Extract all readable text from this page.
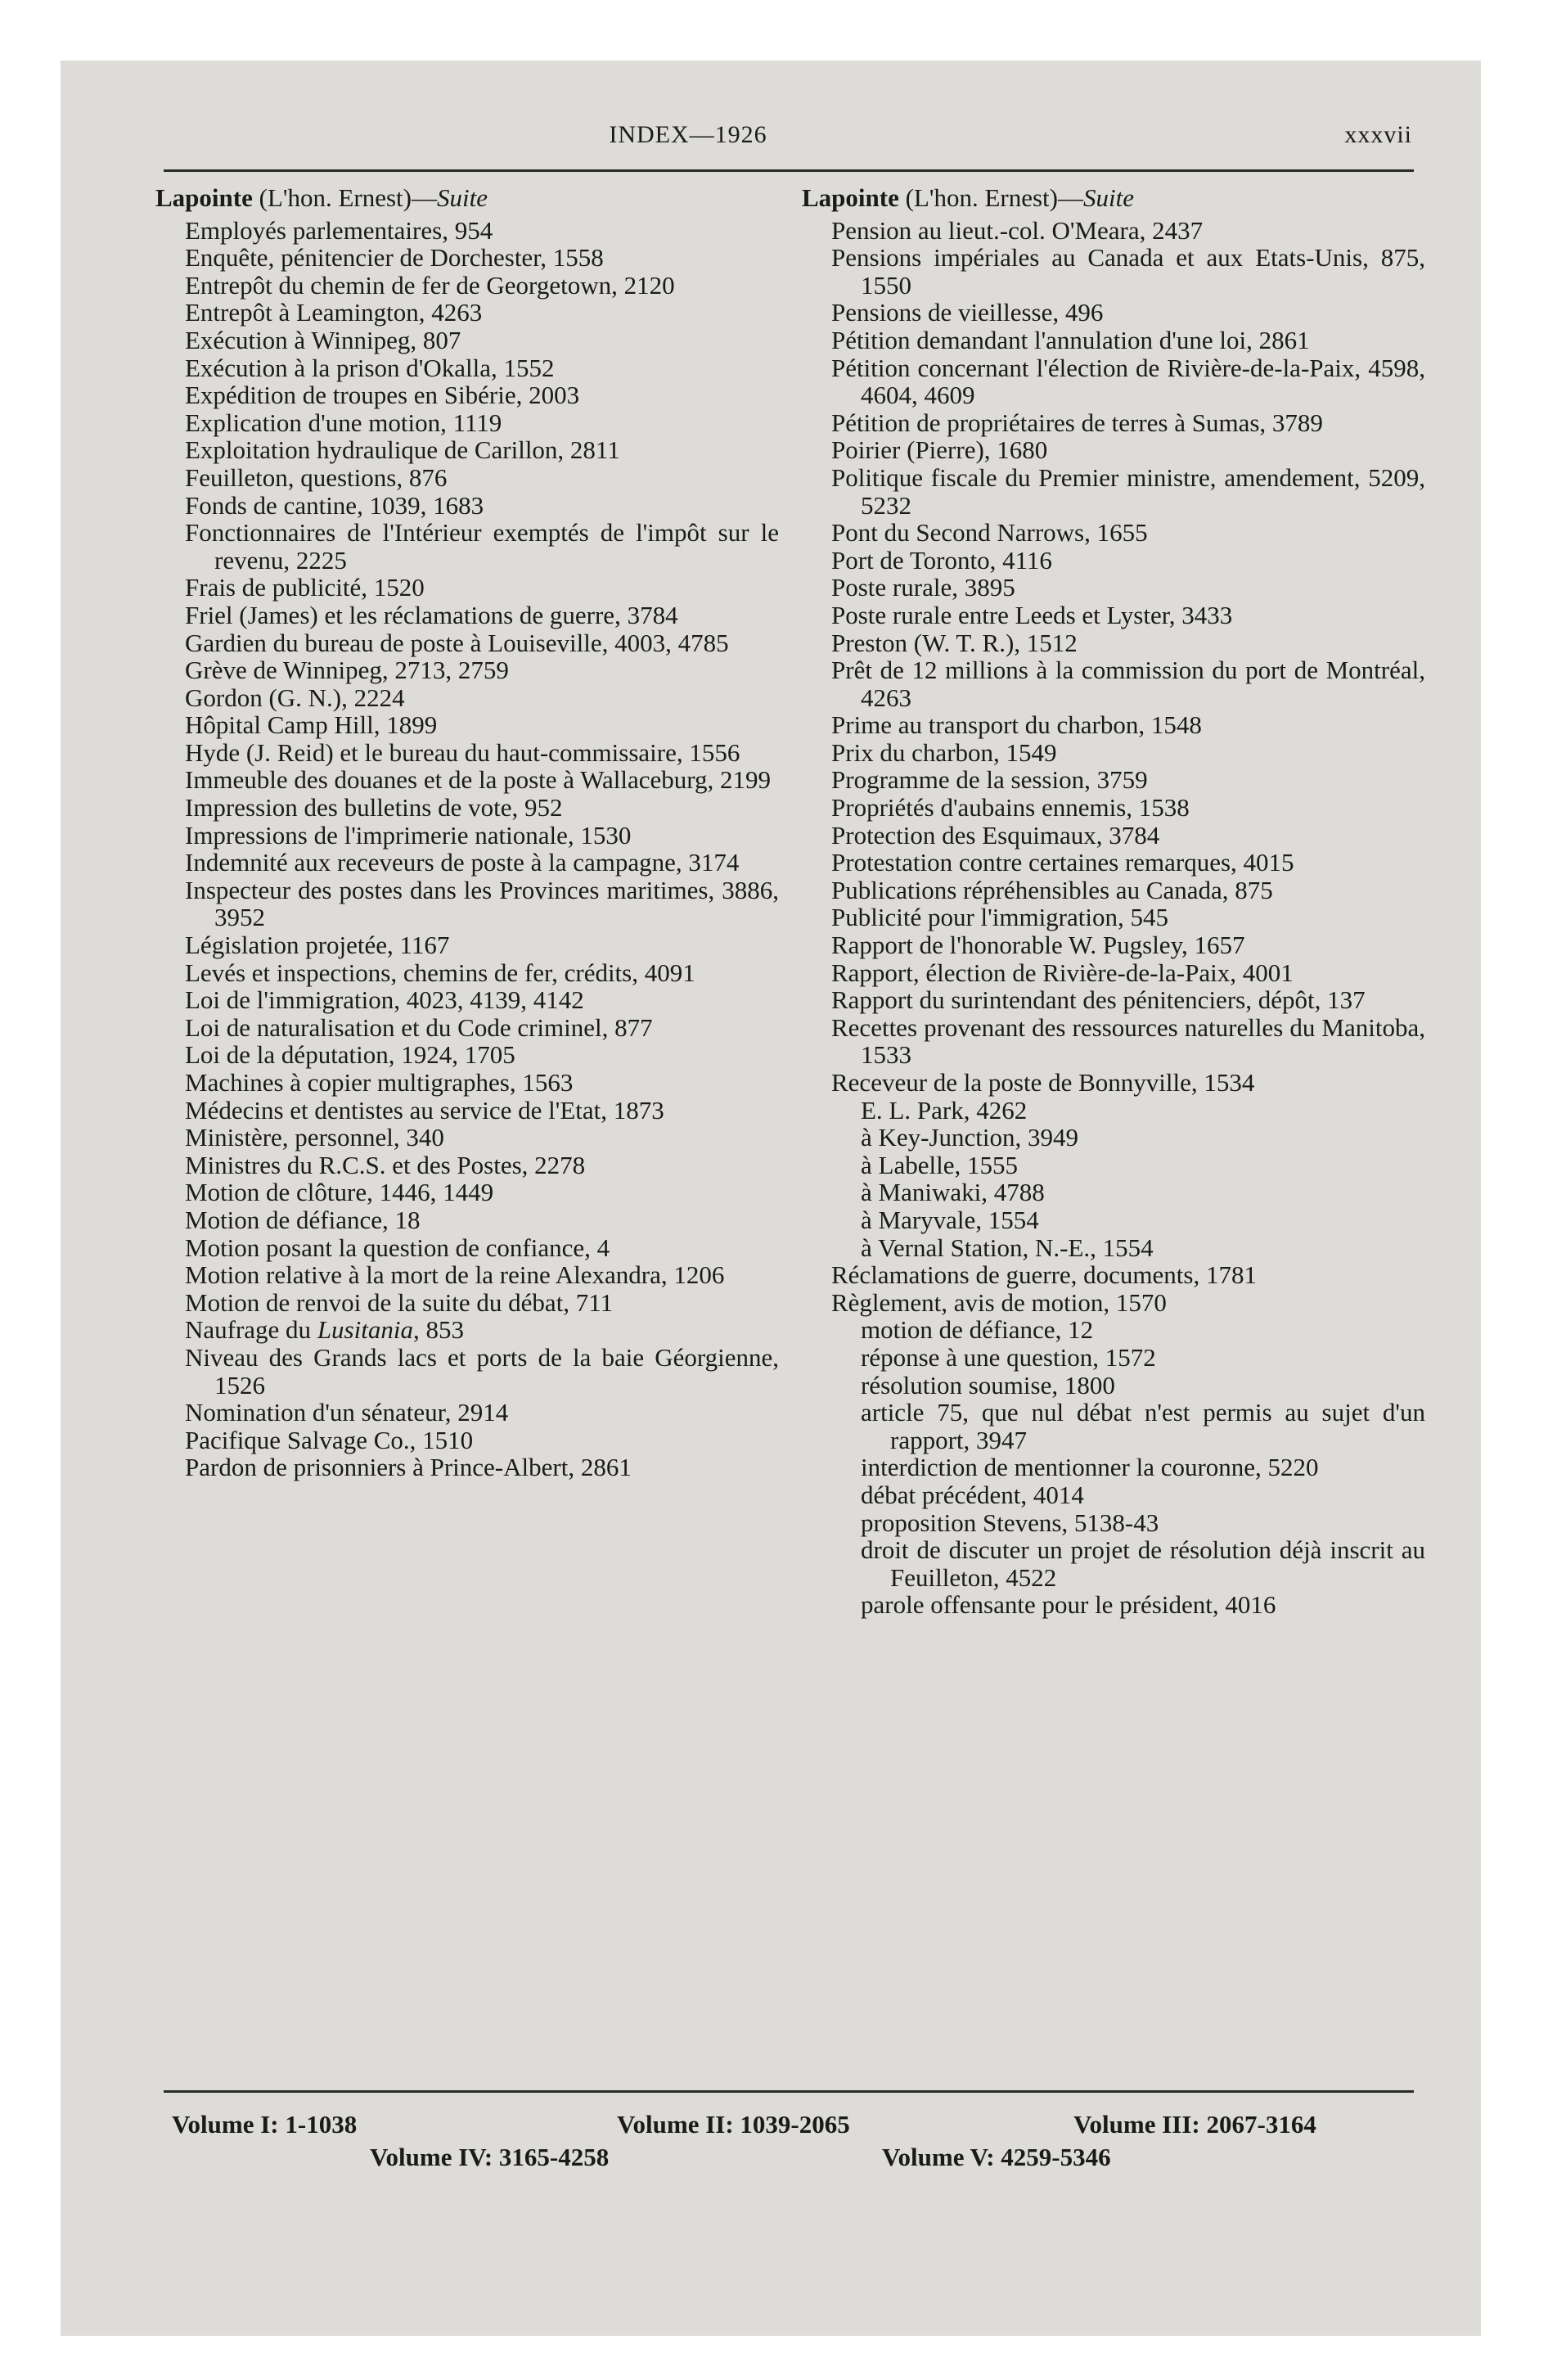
INDEX—1926	xxxvii
Lapointe (L'hon. Ernest)—Suite
Employés parlementaires, 954
Enquête, pénitencier de Dorchester, 1558
Entrepôt du chemin de fer de Georgetown, 2120
Entrepôt à Leamington, 4263
Exécution à Winnipeg, 807
Exécution à la prison d'Okalla, 1552
Expédition de troupes en Sibérie, 2003
Explication d'une motion, 1119
Exploitation hydraulique de Carillon, 2811
Feuilleton, questions, 876
Fonds de cantine, 1039, 1683
Fonctionnaires de l'Intérieur exemptés de l'impôt sur le revenu, 2225
Frais de publicité, 1520
Friel (James) et les réclamations de guerre, 3784
Gardien du bureau de poste à Louiseville, 4003, 4785
Grève de Winnipeg, 2713, 2759
Gordon (G. N.), 2224
Hôpital Camp Hill, 1899
Hyde (J. Reid) et le bureau du haut-commissaire, 1556
Immeuble des douanes et de la poste à Wallaceburg, 2199
Impression des bulletins de vote, 952
Impressions de l'imprimerie nationale, 1530
Indemnité aux receveurs de poste à la campagne, 3174
Inspecteur des postes dans les Provinces maritimes, 3886, 3952
Législation projetée, 1167
Levés et inspections, chemins de fer, crédits, 4091
Loi de l'immigration, 4023, 4139, 4142
Loi de naturalisation et du Code criminel, 877
Loi de la députation, 1924, 1705
Machines à copier multigraphes, 1563
Médecins et dentistes au service de l'Etat, 1873
Ministère, personnel, 340
Ministres du R.C.S. et des Postes, 2278
Motion de clôture, 1446, 1449
Motion de défiance, 18
Motion posant la question de confiance, 4
Motion relative à la mort de la reine Alexandra, 1206
Motion de renvoi de la suite du débat, 711
Naufrage du Lusitania, 853
Niveau des Grands lacs et ports de la baie Géorgienne, 1526
Nomination d'un sénateur, 2914
Pacifique Salvage Co., 1510
Pardon de prisonniers à Prince-Albert, 2861
Lapointe (L'hon. Ernest)—Suite
Pension au lieut.-col. O'Meara, 2437
Pensions impériales au Canada et aux Etats-Unis, 875, 1550
Pensions de vieillesse, 496
Pétition demandant l'annulation d'une loi, 2861
Pétition concernant l'élection de Rivière-de-la-Paix, 4598, 4604, 4609
Pétition de propriétaires de terres à Sumas, 3789
Poirier (Pierre), 1680
Politique fiscale du Premier ministre, amendement, 5209, 5232
Pont du Second Narrows, 1655
Port de Toronto, 4116
Poste rurale, 3895
Poste rurale entre Leeds et Lyster, 3433
Preston (W. T. R.), 1512
Prêt de 12 millions à la commission du port de Montréal, 4263
Prime au transport du charbon, 1548
Prix du charbon, 1549
Programme de la session, 3759
Propriétés d'aubains ennemis, 1538
Protection des Esquimaux, 3784
Protestation contre certaines remarques, 4015
Publications répréhensibles au Canada, 875
Publicité pour l'immigration, 545
Rapport de l'honorable W. Pugsley, 1657
Rapport, élection de Rivière-de-la-Paix, 4001
Rapport du surintendant des pénitenciers, dépôt, 137
Recettes provenant des ressources naturelles du Manitoba, 1533
Receveur de la poste de Bonnyville, 1534
E. L. Park, 4262
à Key-Junction, 3949
à Labelle, 1555
à Maniwaki, 4788
à Maryvale, 1554
à Vernal Station, N.-E., 1554
Réclamations de guerre, documents, 1781
Règlement, avis de motion, 1570
motion de défiance, 12
réponse à une question, 1572
résolution soumise, 1800
article 75, que nul débat n'est permis au sujet d'un rapport, 3947
interdiction de mentionner la couronne, 5220
débat précédent, 4014
proposition Stevens, 5138-43
droit de discuter un projet de résolution déjà inscrit au Feuilleton, 4522
parole offensante pour le président, 4016
Volume I: 1-1038	Volume II: 1039-2065	Volume III: 2067-3164
Volume IV: 3165-4258	Volume V: 4259-5346
